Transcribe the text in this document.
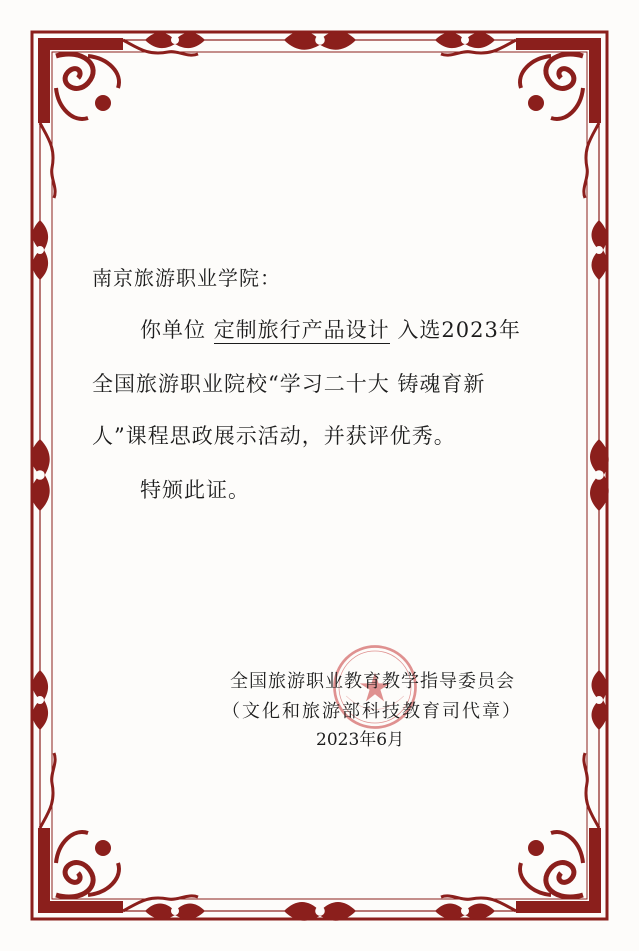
南京旅游职业学院：
你单位 定制旅行产品设计 入选2023年
全国旅游职业院校“学习二十大 铸魂育新
人”课程思政展示活动，并获评优秀。
特颁此证。
全国旅游职业教育教学指导委员会
（文化和旅游部科技教育司代章）
2023年6月
